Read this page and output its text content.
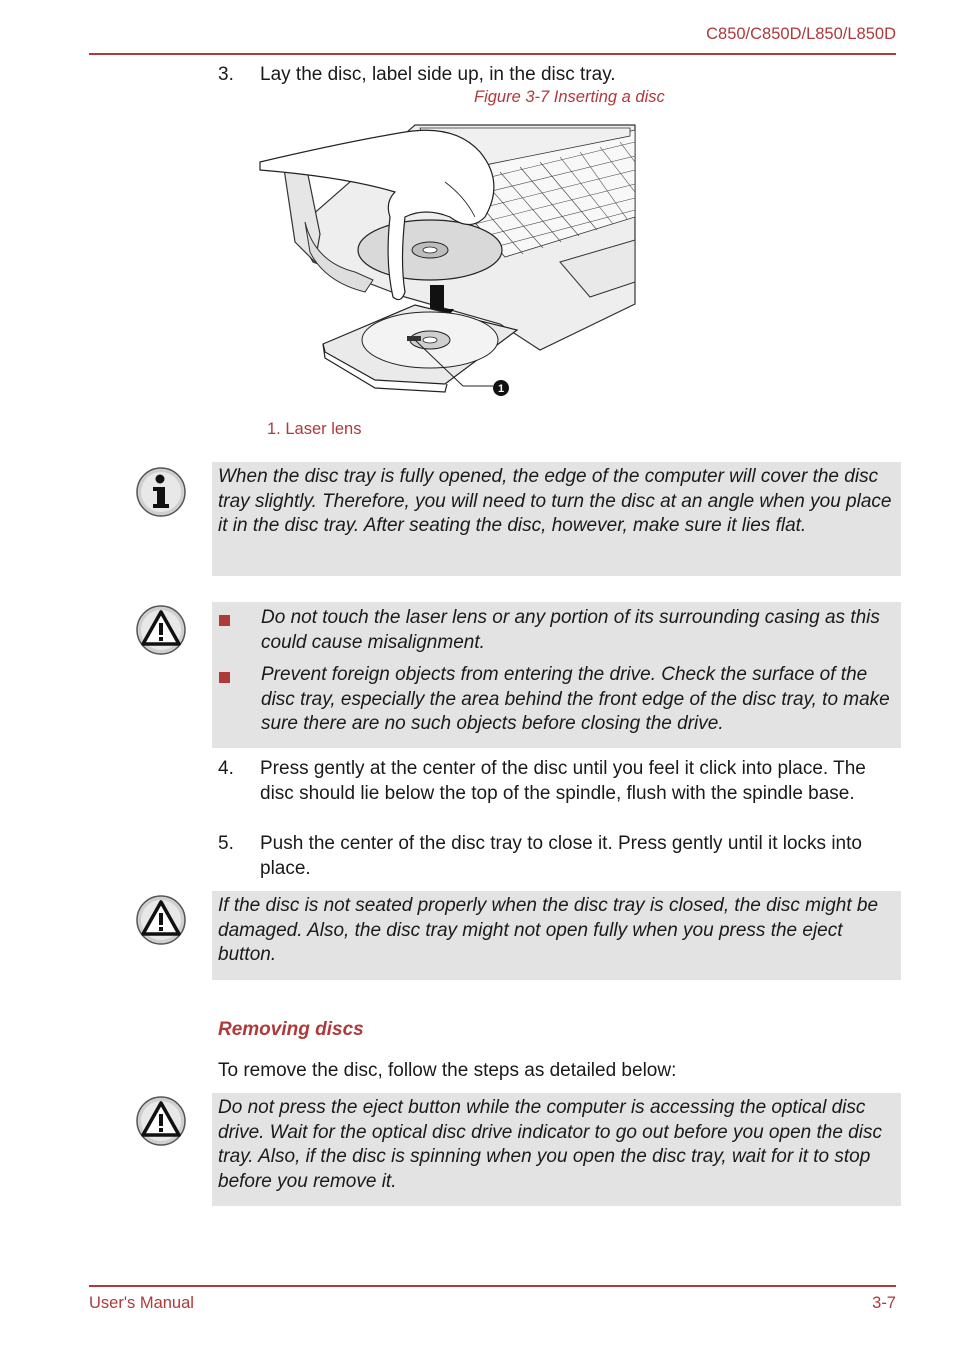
C850/C850D/L850/L850D
3.	Lay the disc, label side up, in the disc tray.
Figure 3-7 Inserting a disc
1
1. Laser lens
When the disc tray is fully opened, the edge of the computer will cover the disc tray slightly. Therefore, you will need to turn the disc at an angle when you place it in the disc tray. After seating the disc, however, make sure it lies flat.
Do not touch the laser lens or any portion of its surrounding casing as this could cause misalignment.
Prevent foreign objects from entering the drive. Check the surface of the disc tray, especially the area behind the front edge of the disc tray, to make sure there are no such objects before closing the drive.
4.	Press gently at the center of the disc until you feel it click into place. The disc should lie below the top of the spindle, flush with the spindle base.
5.	Push the center of the disc tray to close it. Press gently until it locks into place.
If the disc is not seated properly when the disc tray is closed, the disc might be damaged. Also, the disc tray might not open fully when you press the eject button.
Removing discs
To remove the disc, follow the steps as detailed below:
Do not press the eject button while the computer is accessing the optical disc drive. Wait for the optical disc drive indicator to go out before you open the disc tray. Also, if the disc is spinning when you open the disc tray, wait for it to stop before you remove it.
User's Manual	3-7
